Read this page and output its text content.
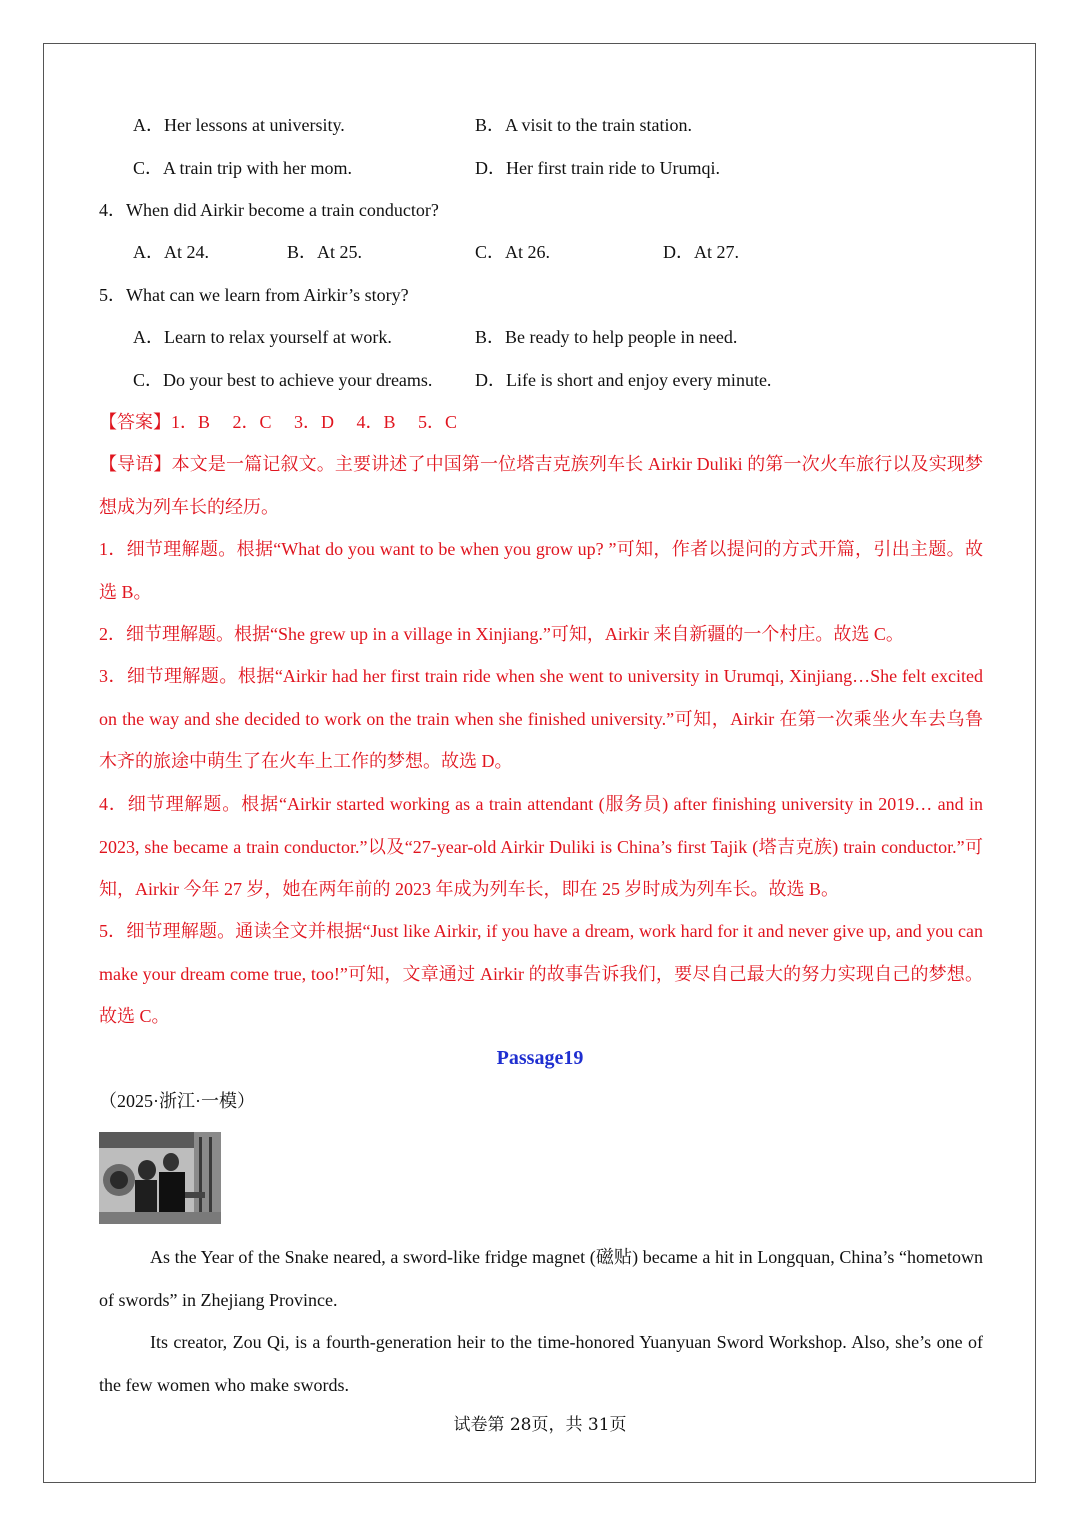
A．Her lessons at university.	B．A visit to the train station.
C．A train trip with her mom.	D．Her first train ride to Urumqi.
4．When did Airkir become a train conductor?
A．At 24.	B．At 25.	C．At 26.	D．At 27.
5．What can we learn from Airkir’s story?
A．Learn to relax yourself at work.	B．Be ready to help people in need.
C．Do your best to achieve your dreams. D．Life is short and enjoy every minute.
【答案】1．B　 2．C　 3．D　 4．B　 5．C
【导语】本文是一篇记叙文。主要讲述了中国第一位塔吉克族列车长 Airkir Duliki 的第一次火车旅行以及实现梦想成为列车长的经历。
1．细节理解题。根据“What do you want to be when you grow up? ”可知，作者以提问的方式开篇，引出主题。故选 B。
2．细节理解题。根据“She grew up in a village in Xinjiang.”可知，Airkir 来自新疆的一个村庄。故选 C。
3．细节理解题。根据“Airkir had her first train ride when she went to university in Urumqi, Xinjiang…She felt excited on the way and she decided to work on the train when she finished university.”可知，Airkir 在第一次乘坐火车去乌鲁木齐的旅途中萌生了在火车上工作的梦想。故选 D。
4．细节理解题。根据“Airkir started working as a train attendant (服务员) after finishing university in 2019… and in 2023, she became a train conductor.”以及“27-year-old Airkir Duliki is China’s first Tajik (塔吉克族) train conductor.”可知，Airkir 今年 27 岁，她在两年前的 2023 年成为列车长，即在 25 岁时成为列车长。故选 B。
5．细节理解题。通读全文并根据“Just like Airkir, if you have a dream, work hard for it and never give up, and you can make your dream come true, too!”可知，文章通过 Airkir 的故事告诉我们，要尽自己最大的努力实现自己的梦想。故选 C。
Passage19
（2025·浙江·一模）
As the Year of the Snake neared, a sword-like fridge magnet (磁贴) became a hit in Longquan, China’s “hometown of swords” in Zhejiang Province.
Its creator, Zou Qi, is a fourth-generation heir to the time-honored Yuanyuan Sword Workshop. Also, she’s one of the few women who make swords.
试卷第 28页，共 31页
